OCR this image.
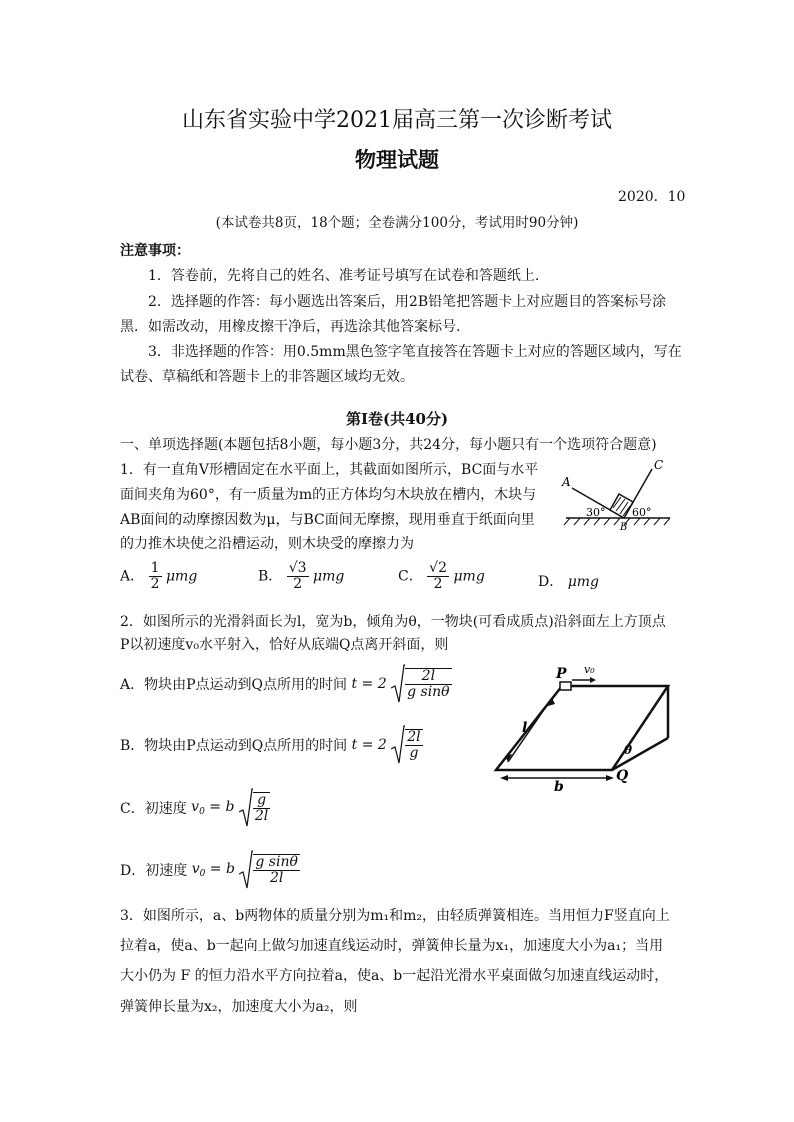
山东省实验中学2021届高三第一次诊断考试
物理试题
2020．10
(本试卷共8页，18个题；全卷满分100分，考试用时90分钟)
注意事项：
1．答卷前，先将自己的姓名、准考证号填写在试卷和答题纸上.
2．选择题的作答：每小题选出答案后，用2B铅笔把答题卡上对应题目的答案标号涂
黑．如需改动，用橡皮擦干净后，再选涂其他答案标号.
3．非选择题的作答：用0.5mm黑色签字笔直接答在答题卡上对应的答题区域内，写在
试卷、草稿纸和答题卡上的非答题区域均无效。
第Ⅰ卷(共40分)
一、单项选择题(本题包括8小题，每小题3分，共24分，每小题只有一个选项符合题意)
1．有一直角V形槽固定在水平面上，其截面如图所示，BC面与水平
面间夹角为60°，有一质量为m的正方体均匀木块放在槽内，木块与
AB面间的动摩擦因数为μ，与BC面间无摩擦，现用垂直于纸面向里
的力推木块使之沿槽运动，则木块受的摩擦力为
A
C
B
30° 60°
A． $\frac{1}{2}$ μmg	B． $\frac{√3}{2}$ μmg	C． $\frac{√2}{2}$ μmg	D． μmg
2．如图所示的光滑斜面长为l，宽为b，倾角为θ，一物块(可看成质点)沿斜面左上方顶点
P以初速度v₀水平射入，恰好从底端Q点离开斜面，则
A．物块由P点运动到Q点所用的时间 $t = 2 \frac{2l}{\text{g sinθ}}$
B．物块由P点运动到Q点所用的时间 $t = 2 \frac{2l}{g}$
C．初速度 $v_0 = b \frac{g}{2l}$
D．初速度 $v_0 = b \frac{\text{g sinθ}}{2l}$
P v₀
l
b
Q
θ
3．如图所示，a、b两物体的质量分别为m₁和m₂，由轻质弹簧相连。当用恒力F竖直向上
拉着a，使a、b一起向上做匀加速直线运动时，弹簧伸长量为x₁，加速度大小为a₁；当用
大小仍为 F 的恒力沿水平方向拉着a，使a、b一起沿光滑水平桌面做匀加速直线运动时，
弹簧伸长量为x₂，加速度大小为a₂，则
